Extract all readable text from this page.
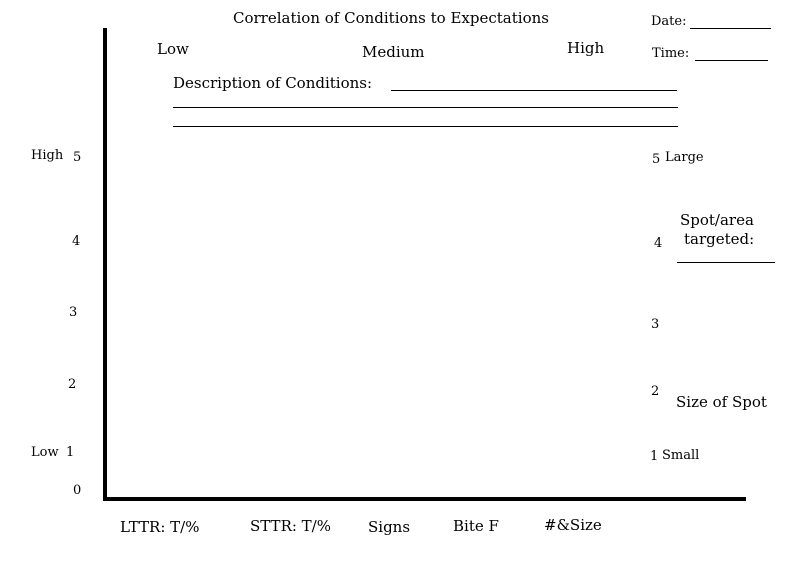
Correlation of Conditions to Expectations	Date:
Time:
Low	Medium	High
Description of Conditions:
High 5
4
3
2
Low 1
0
5 Large
Spot/area
targeted:
4
3
2
Size of Spot
1 Small
LTTR: T/%	STTR: T/% Signs	Bite F	#&Size
